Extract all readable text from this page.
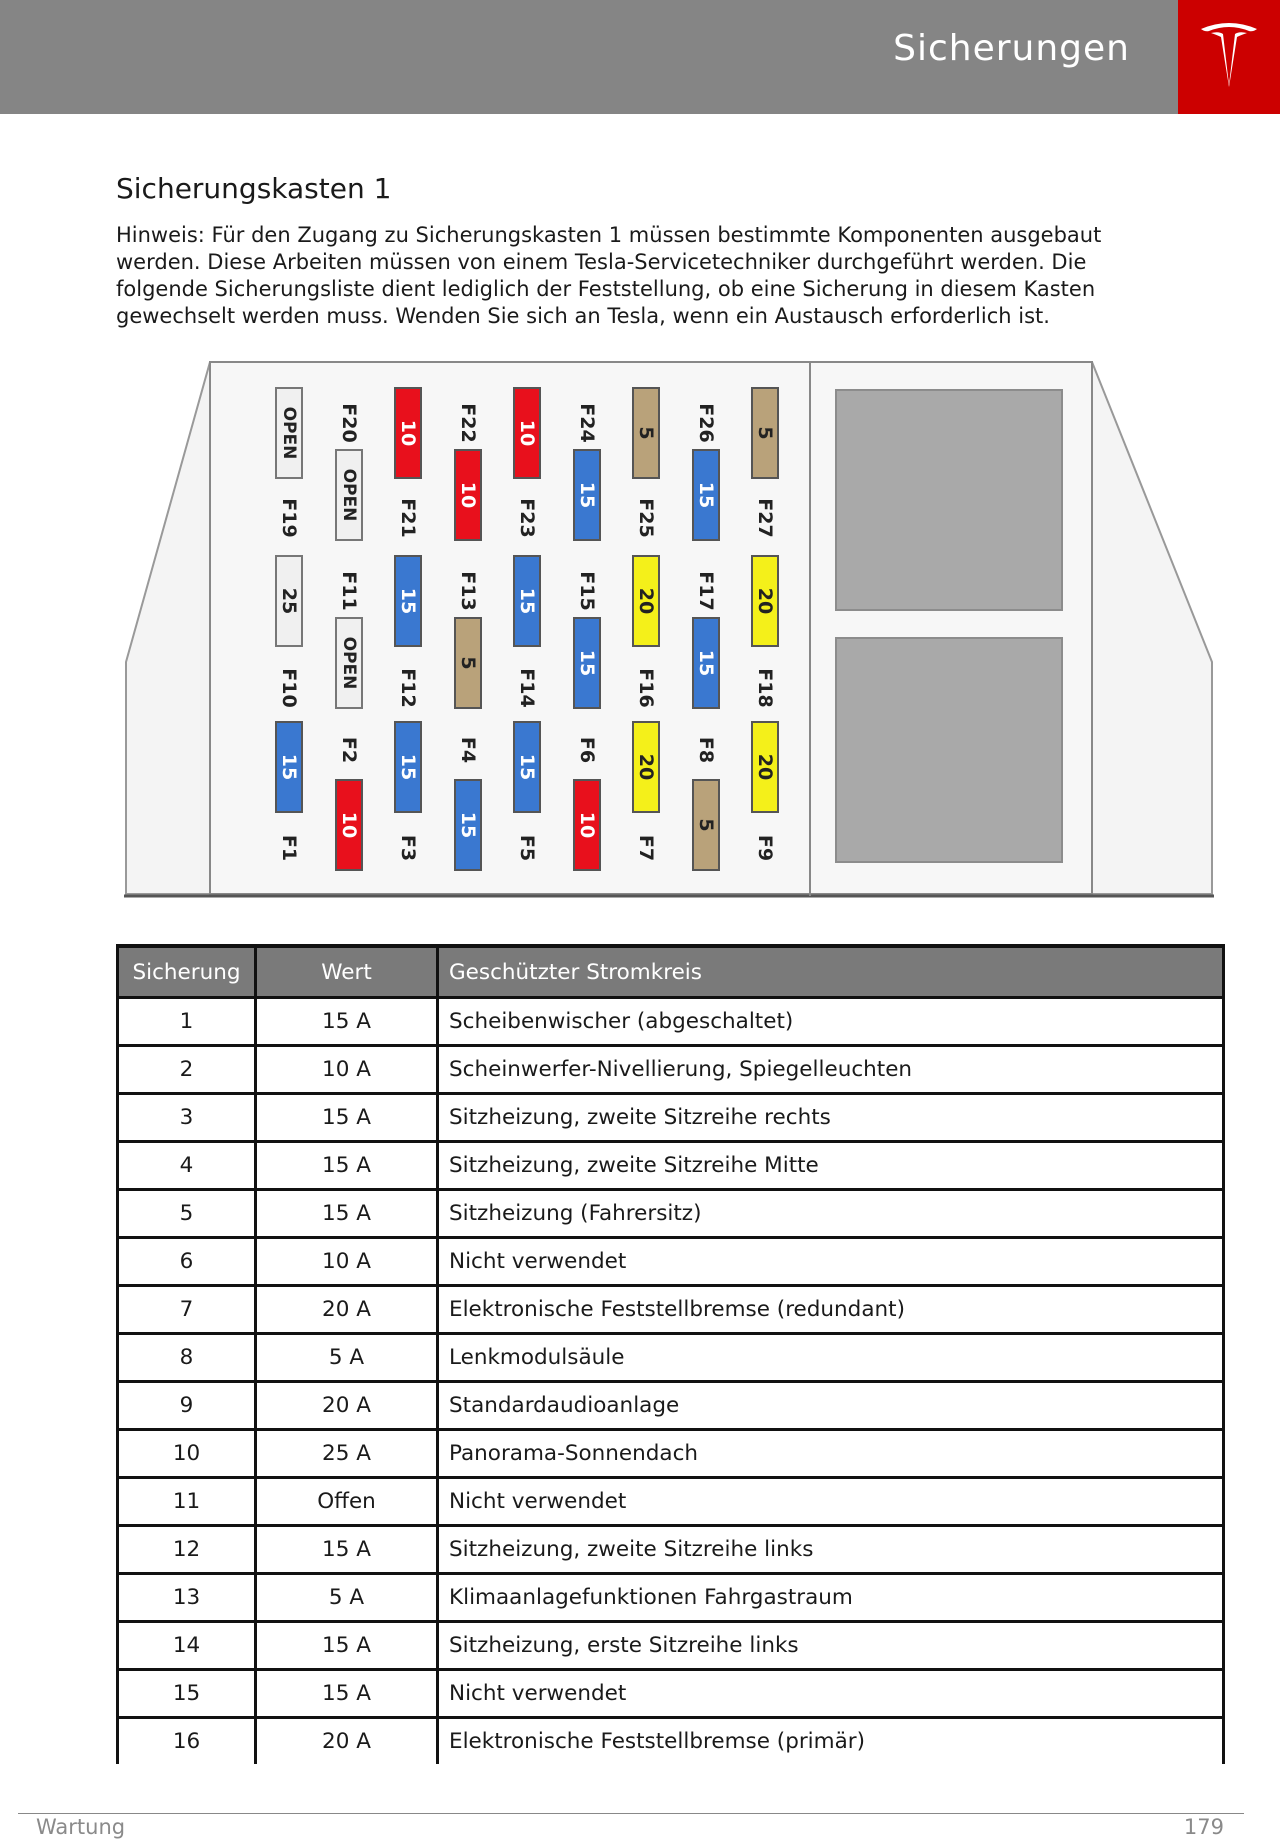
Sicherungen
Sicherungskasten 1
Hinweis: Für den Zugang zu Sicherungskasten 1 müssen bestimmte Komponenten ausgebaut werden. Diese Arbeiten müssen von einem Tesla-Servicetechniker durchgeführt werden. Die folgende Sicherungsliste dient lediglich der Feststellung, ob eine Sicherung in diesem Kasten gewechselt werden muss. Wenden Sie sich an Tesla, wenn ein Austausch erforderlich ist.
OPEN
F19 OPEN
F20 10
F21
10
F22 10
F23
15
F24 5
F25
15
F26 5
F27
25
F10 OPEN
F11 15
F12
5
F13 15
F14
15
F15 20
F16
15
F17 20
F18
15
F1
10
F2
15
F3
15
F4
15
F5
10
F6
20
F7
5
F8
20
F9
Sicherung	Wert	Geschützter Stromkreis
1	15 A	Scheibenwischer (abgeschaltet)
2	10 A	Scheinwerfer-Nivellierung, Spiegelleuchten
3	15 A	Sitzheizung, zweite Sitzreihe rechts
4	15 A	Sitzheizung, zweite Sitzreihe Mitte
5	15 A	Sitzheizung (Fahrersitz)
6	10 A	Nicht verwendet
7	20 A	Elektronische Feststellbremse (redundant)
8	5 A	Lenkmodulsäule
9	20 A	Standardaudioanlage
10	25 A	Panorama-Sonnendach
11	Offen	Nicht verwendet
12	15 A	Sitzheizung, zweite Sitzreihe links
13	5 A	Klimaanlagefunktionen Fahrgastraum
14	15 A	Sitzheizung, erste Sitzreihe links
15	15 A	Nicht verwendet
16	20 A	Elektronische Feststellbremse (primär)
Wartung	179
